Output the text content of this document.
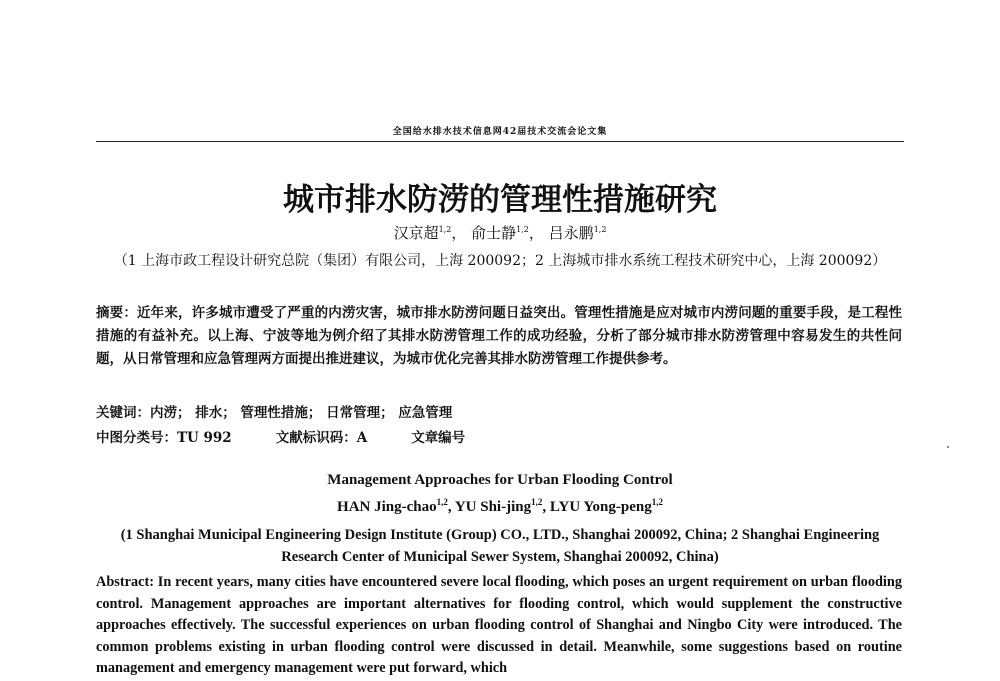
全国给水排水技术信息网42届技术交流会论文集
城市排水防涝的管理性措施研究
汉京超$^{1,2}$， 俞士静$^{1,2}$， 吕永鹏$^{1,2}$
（1 上海市政工程设计研究总院（集团）有限公司，上海 200092；2 上海城市排水系统工程技术研究中心，上海 200092）
摘要：近年来，许多城市遭受了严重的内涝灾害，城市排水防涝问题日益突出。管理性措施是应对城市内涝问题的重要手段，是工程性措施的有益补充。以上海、宁波等地为例介绍了其排水防涝管理工作的成功经验，分析了部分城市排水防涝管理中容易发生的共性问题，从日常管理和应急管理两方面提出推进建议，为城市优化完善其排水防涝管理工作提供参考。
关键词：内涝； 排水； 管理性措施； 日常管理； 应急管理
中图分类号：TU 992	文献标识码：A	文章编号
Management Approaches for Urban Flooding Control
HAN Jing-chao$^{1,2}$, YU Shi-jing$^{1,2}$, LYU Yong-peng$^{1,2}$
(1 Shanghai Municipal Engineering Design Institute (Group) CO., LTD., Shanghai 200092, China; 2 Shanghai Engineering Research Center of Municipal Sewer System, Shanghai 200092, China)
Abstract: In recent years, many cities have encountered severe local flooding, which poses an urgent requirement on urban flooding control. Management approaches are important alternatives for flooding control, which would supplement the constructive approaches effectively. The successful experiences on urban flooding control of Shanghai and Ningbo City were introduced. The common problems existing in urban flooding control were discussed in detail. Meanwhile, some suggestions based on routine management and emergency management were put forward, which
